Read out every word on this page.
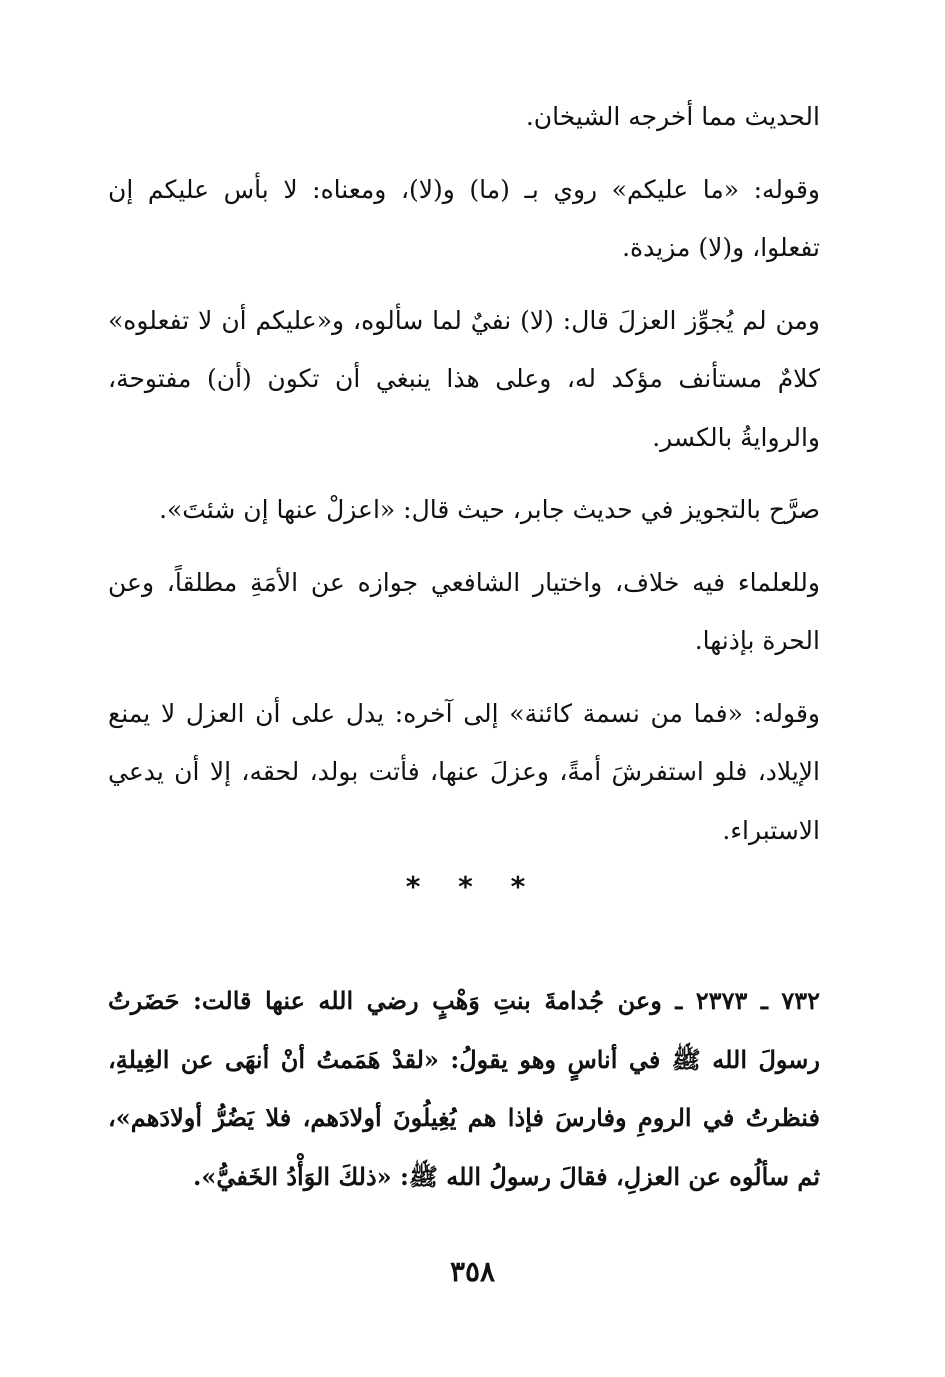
الحديث مما أخرجه الشيخان.

وقوله: «ما عليكم» روي بـ (ما) و(لا)، ومعناه: لا بأس عليكم إن تفعلوا، و(لا) مزيدة.

ومن لم يُجوِّز العزلَ قال: (لا) نفيٌ لما سألوه، و«عليكم أن لا تفعلوه» كلامٌ مستأنف مؤكد له، وعلى هذا ينبغي أن تكون (أن) مفتوحة، والروايةُ بالكسر.

صرَّح بالتجويز في حديث جابر، حيث قال: «اعزلْ عنها إن شئتَ».

وللعلماء فيه خلاف، واختيار الشافعي جوازه عن الأمَةِ مطلقاً، وعن الحرة بإذنها.

وقوله: «فما من نسمة كائنة» إلى آخره: يدل على أن العزل لا يمنع الإيلاد، فلو استفرشَ أمةً، وعزلَ عنها، فأتت بولد، لحقه، إلا أن يدعي الاستبراء.

* * *

٧٣٢ ـ ٢٣٧٣ ـ وعن جُدامةَ بنتِ وَهْبٍ رضي الله عنها قالت: حَضَرتُ رسولَ الله ﷺ في أناسٍ وهو يقولُ: «لقدْ هَمَمتُ أنْ أنهَى عن الغِيلةِ، فنظرتُ في الرومِ وفارسَ فإذا هم يُغِيلُونَ أولادَهم، فلا يَضُرُّ أولادَهم»، ثم سألُوه عن العزلِ، فقالَ رسولُ الله ﷺ: «ذلكَ الوَأْدُ الخَفيُّ».

٣٥٨
